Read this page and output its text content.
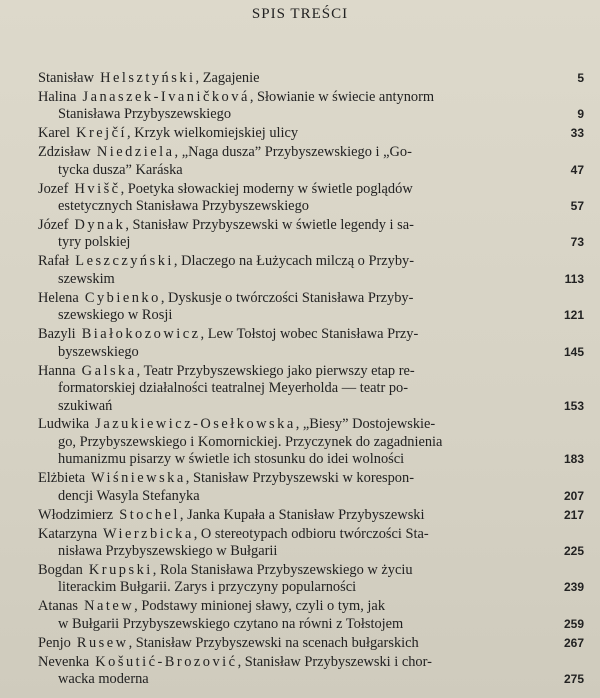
SPIS TREŚCI
Stanisław Helsztyński, Zagajenie	5
Halina Janaszek-Ivaničková, Słowianie w świecie antynorm
Stanisława Przybyszewskiego	9
Karel Krejčí, Krzyk wielkomiejskiej ulicy	33
Zdzisław Niedziela, „Naga dusza” Przybyszewskiego i „Go-
tycka dusza” Karáska	47
Jozef Hvišč, Poetyka słowackiej moderny w świetle poglądów
estetycznych Stanisława Przybyszewskiego	57
Józef Dynak, Stanisław Przybyszewski w świetle legendy i sa-
tyry polskiej	73
Rafał Leszczyński, Dlaczego na Łużycach milczą o Przyby-
szewskim	113
Helena Cybienko, Dyskusje o twórczości Stanisława Przyby-
szewskiego w Rosji	121
Bazyli Białokozowicz, Lew Tołstoj wobec Stanisława Przy-
byszewskiego	145
Hanna Galska, Teatr Przybyszewskiego jako pierwszy etap re-
formatorskiej działalności teatralnej Meyerholda — teatr po-
szukiwań	153
Ludwika Jazukiewicz-Osełkowska, „Biesy” Dostojewskie-
go, Przybyszewskiego i Komornickiej. Przyczynek do zagadnienia
humanizmu pisarzy w świetle ich stosunku do idei wolności	183
Elżbieta Wiśniewska, Stanisław Przybyszewski w korespon-
dencji Wasyla Stefanyka	207
Włodzimierz Stochel, Janka Kupała a Stanisław Przybyszewski	217
Katarzyna Wierzbicka, O stereotypach odbioru twórczości Sta-
nisława Przybyszewskiego w Bułgarii	225
Bogdan Krupski, Rola Stanisława Przybyszewskiego w życiu
literackim Bułgarii. Zarys i przyczyny popularności	239
Atanas Natew, Podstawy minionej sławy, czyli o tym, jak
w Bułgarii Przybyszewskiego czytano na równi z Tołstojem	259
Penjo Rusew, Stanisław Przybyszewski na scenach bułgarskich	267
Nevenka Košutić-Brozović, Stanisław Przybyszewski i chor-
wacka moderna	275
